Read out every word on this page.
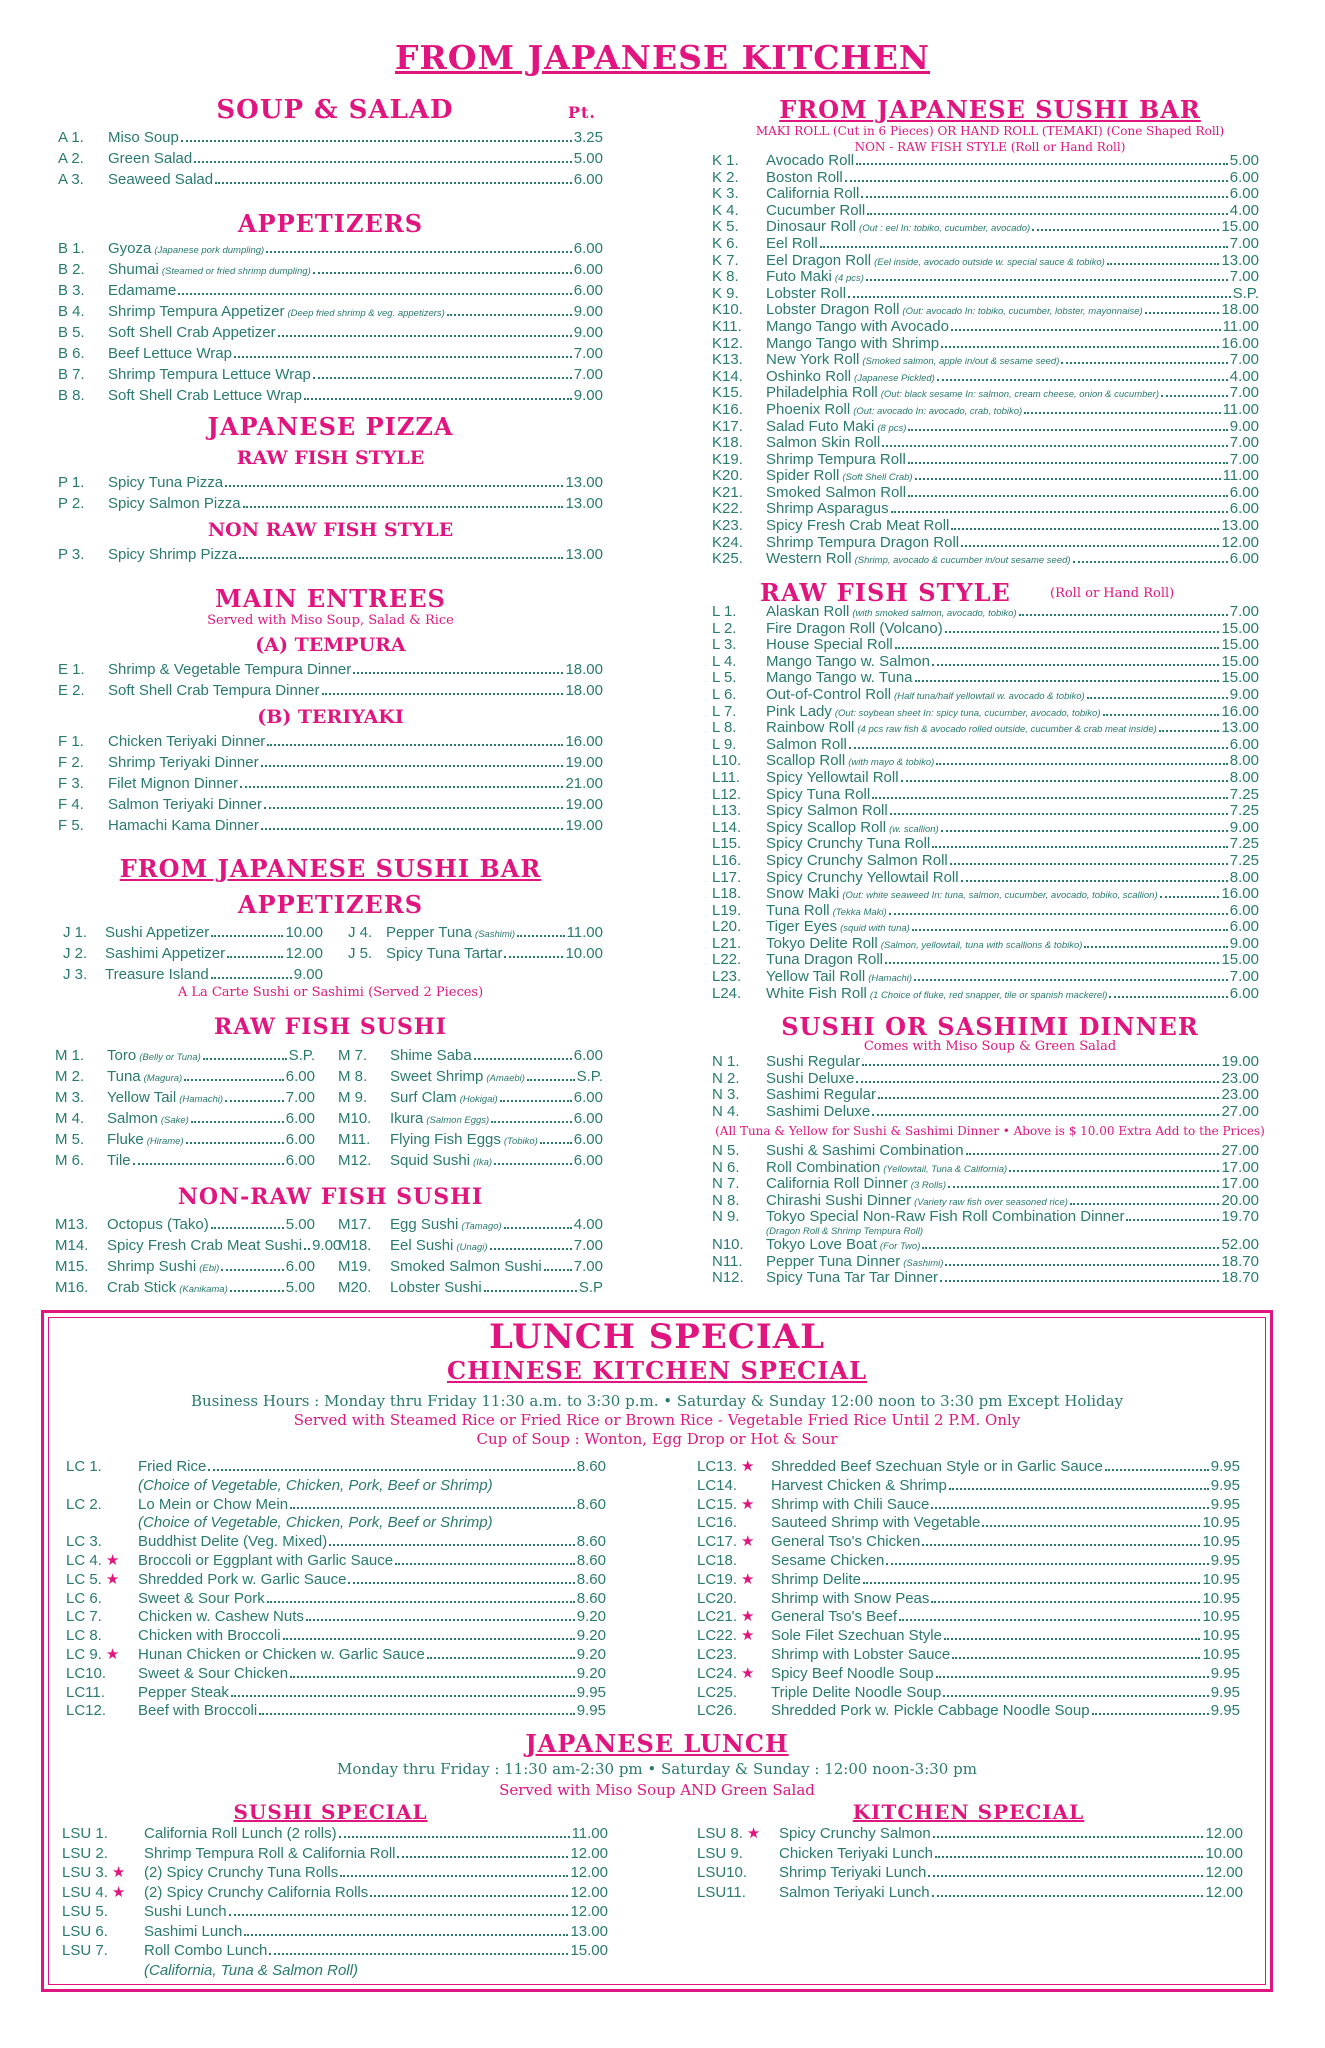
FROM JAPANESE KITCHEN
SOUP & SALAD	Pt.
A 1.	Miso Soup	3.25
A 2.	Green Salad	5.00
A 3.	Seaweed Salad	6.00
APPETIZERS
B 1.	Gyoza (Japanese pork dumpling)	6.00
B 2.	Shumai (Steamed or fried shrimp dumpling)	6.00
B 3.	Edamame	6.00
B 4.	Shrimp Tempura Appetizer (Deep fried shrimp & veg. appetizers)	9.00
B 5.	Soft Shell Crab Appetizer	9.00
B 6.	Beef Lettuce Wrap	7.00
B 7.	Shrimp Tempura Lettuce Wrap	7.00
B 8.	Soft Shell Crab Lettuce Wrap	9.00
JAPANESE PIZZA
RAW FISH STYLE
P 1.	Spicy Tuna Pizza	13.00
P 2.	Spicy Salmon Pizza	13.00
NON RAW FISH STYLE
P 3.	Spicy Shrimp Pizza	13.00
MAIN ENTREES
Served with Miso Soup, Salad & Rice
(A) TEMPURA
E 1.	Shrimp & Vegetable Tempura Dinner	18.00
E 2.	Soft Shell Crab Tempura Dinner	18.00
(B) TERIYAKI
F 1.	Chicken Teriyaki Dinner	16.00
F 2.	Shrimp Teriyaki Dinner	19.00
F 3.	Filet Mignon Dinner	21.00
F 4.	Salmon Teriyaki Dinner	19.00
F 5.	Hamachi Kama Dinner	19.00
FROM JAPANESE SUSHI BAR
APPETIZERS
J 1.	Sushi Appetizer	10.00
J 2.	Sashimi Appetizer	12.00
J 3.	Treasure Island	9.00
J 4. Pepper Tuna (Sashimi)	11.00
J 5. Spicy Tuna Tartar	10.00
A La Carte Sushi or Sashimi (Served 2 Pieces)
RAW FISH SUSHI
M 1.	Toro (Belly or Tuna)	S.P.
M 2.	Tuna (Magura)	6.00
M 3.	Yellow Tail (Hamachi)	7.00
M 4.	Salmon (Sake)	6.00
M 5.	Fluke (Hirame)	6.00
M 6.	Tile	6.00
M 7.	Shime Saba	6.00
M 8.	Sweet Shrimp (Amaebi)	S.P.
M 9.	Surf Clam (Hokigai)	6.00
M10.	Ikura (Salmon Eggs)	6.00
M11.	Flying Fish Eggs (Tobiko) 6.00
M12.	Squid Sushi (Ika)	6.00
NON-RAW FISH SUSHI
M13.	Octopus (Tako)	5.00
M14.	Spicy Fresh Crab Meat Sushi 9.00
M15.	Shrimp Sushi (Ebi)	6.00
M16.	Crab Stick (Kanikama)	5.00
M17.	Egg Sushi (Tamago)	4.00
M18.	Eel Sushi (Unagi)	7.00
M19.	Smoked Salmon Sushi 7.00
M20.	Lobster Sushi	S.P
FROM JAPANESE SUSHI BAR
MAKI ROLL (Cut in 6 Pieces) OR HAND ROLL (TEMAKI) (Cone Shaped Roll)
NON - RAW FISH STYLE (Roll or Hand Roll)
K 1.	Avocado Roll	5.00
K 2.	Boston Roll	6.00
K 3.	California Roll	6.00
K 4.	Cucumber Roll	4.00
K 5.	Dinosaur Roll (Out : eel In: tobiko, cucumber, avocado)	15.00
K 6.	Eel Roll	7.00
K 7.	Eel Dragon Roll (Eel inside, avocado outside w. special sauce & tobiko)	13.00
K 8.	Futo Maki (4 pcs)	7.00
K 9.	Lobster Roll	S.P.
K10.	Lobster Dragon Roll (Out: avocado In: tobiko, cucumber, lobster, mayonnaise)	18.00
K11.	Mango Tango with Avocado	11.00
K12.	Mango Tango with Shrimp	16.00
K13.	New York Roll (Smoked salmon, apple in/out & sesame seed)	7.00
K14.	Oshinko Roll (Japanese Pickled)	4.00
K15.	Philadelphia Roll (Out: black sesame In: salmon, cream cheese, onion & cucumber)	7.00
K16.	Phoenix Roll (Out: avocado In: avocado, crab, tobiko)	11.00
K17.	Salad Futo Maki (8 pcs)	9.00
K18.	Salmon Skin Roll	7.00
K19.	Shrimp Tempura Roll	7.00
K20.	Spider Roll (Soft Shell Crab)	11.00
K21.	Smoked Salmon Roll	6.00
K22.	Shrimp Asparagus	6.00
K23.	Spicy Fresh Crab Meat Roll	13.00
K24.	Shrimp Tempura Dragon Roll	12.00
K25.	Western Roll (Shrimp, avocado & cucumber in/out sesame seed)	6.00
RAW FISH STYLE	(Roll or Hand Roll)
L 1.	Alaskan Roll (with smoked salmon, avocado, tobiko)	7.00
L 2.	Fire Dragon Roll (Volcano)	15.00
L 3.	House Special Roll	15.00
L 4.	Mango Tango w. Salmon	15.00
L 5.	Mango Tango w. Tuna	15.00
L 6.	Out-of-Control Roll (Half tuna/half yellowtail w. avocado & tobiko)	9.00
L 7.	Pink Lady (Out: soybean sheet In: spicy tuna, cucumber, avocado, tobiko)	16.00
L 8.	Rainbow Roll (4 pcs raw fish & avocado rolled outside, cucumber & crab meat inside)	13.00
L 9.	Salmon Roll	6.00
L10.	Scallop Roll (with mayo & tobiko)	8.00
L11.	Spicy Yellowtail Roll	8.00
L12.	Spicy Tuna Roll	7.25
L13.	Spicy Salmon Roll	7.25
L14.	Spicy Scallop Roll (w. scallion)	9.00
L15.	Spicy Crunchy Tuna Roll	7.25
L16.	Spicy Crunchy Salmon Roll	7.25
L17.	Spicy Crunchy Yellowtail Roll	8.00
L18.	Snow Maki (Out: white seaweed In: tuna, salmon, cucumber, avocado, tobiko, scallion)	16.00
L19.	Tuna Roll (Tekka Maki)	6.00
L20.	Tiger Eyes (squid with tuna)	6.00
L21.	Tokyo Delite Roll (Salmon, yellowtail, tuna with scallions & tobiko)	9.00
L22.	Tuna Dragon Roll	15.00
L23.	Yellow Tail Roll (Hamachi)	7.00
L24.	White Fish Roll (1 Choice of fluke, red snapper, tile or spanish mackerel)	6.00
SUSHI OR SASHIMI DINNER
Comes with Miso Soup & Green Salad
N 1.	Sushi Regular	19.00
N 2.	Sushi Deluxe	23.00
N 3.	Sashimi Regular	23.00
N 4.	Sashimi Deluxe	27.00
(All Tuna & Yellow for Sushi & Sashimi Dinner • Above is $ 10.00 Extra Add to the Prices)
N 5.	Sushi & Sashimi Combination	27.00
N 6.	Roll Combination (Yellowtail, Tuna & California)	17.00
N 7.	California Roll Dinner (3 Rolls)	17.00
N 8.	Chirashi Sushi Dinner (Variety raw fish over seasoned rice)	20.00
N 9.	Tokyo Special Non-Raw Fish Roll Combination Dinner	19.70
(Dragon Roll & Shrimp Tempura Roll)
N10.	Tokyo Love Boat (For Two)	52.00
N11.	Pepper Tuna Dinner (Sashimi)	18.70
N12.	Spicy Tuna Tar Tar Dinner	18.70
LUNCH SPECIAL
CHINESE KITCHEN SPECIAL
Business Hours : Monday thru Friday 11:30 a.m. to 3:30 p.m. • Saturday & Sunday 12:00 noon to 3:30 pm Except Holiday
Served with Steamed Rice or Fried Rice or Brown Rice - Vegetable Fried Rice Until 2 P.M. Only
Cup of Soup : Wonton, Egg Drop or Hot & Sour
LC 1.	Fried Rice	8.60
(Choice of Vegetable, Chicken, Pork, Beef or Shrimp)
LC 2.	Lo Mein or Chow Mein	8.60
(Choice of Vegetable, Chicken, Pork, Beef or Shrimp)
LC 3.	Buddhist Delite (Veg. Mixed)	8.60
LC 4. ★	Broccoli or Eggplant with Garlic Sauce	8.60
LC 5. ★	Shredded Pork w. Garlic Sauce	8.60
LC 6.	Sweet & Sour Pork	8.60
LC 7.	Chicken w. Cashew Nuts	9.20
LC 8.	Chicken with Broccoli	9.20
LC 9. ★	Hunan Chicken or Chicken w. Garlic Sauce	9.20
LC10.	Sweet & Sour Chicken	9.20
LC11.	Pepper Steak	9.95
LC12.	Beef with Broccoli	9.95
LC13. ★	Shredded Beef Szechuan Style or in Garlic Sauce	9.95
LC14.	Harvest Chicken & Shrimp	9.95
LC15. ★	Shrimp with Chili Sauce	9.95
LC16.	Sauteed Shrimp with Vegetable	10.95
LC17. ★	General Tso's Chicken	10.95
LC18.	Sesame Chicken	9.95
LC19. ★	Shrimp Delite	10.95
LC20.	Shrimp with Snow Peas	10.95
LC21. ★	General Tso's Beef	10.95
LC22. ★	Sole Filet Szechuan Style	10.95
LC23.	Shrimp with Lobster Sauce	10.95
LC24. ★	Spicy Beef Noodle Soup	9.95
LC25.	Triple Delite Noodle Soup	9.95
LC26.	Shredded Pork w. Pickle Cabbage Noodle Soup	9.95
JAPANESE LUNCH
Monday thru Friday : 11:30 am-2:30 pm • Saturday & Sunday : 12:00 noon-3:30 pm
Served with Miso Soup AND Green Salad
SUSHI SPECIAL
LSU 1.	California Roll Lunch (2 rolls)	11.00
LSU 2.	Shrimp Tempura Roll & California Roll	12.00
LSU 3. ★	(2) Spicy Crunchy Tuna Rolls	12.00
LSU 4. ★	(2) Spicy Crunchy California Rolls	12.00
LSU 5.	Sushi Lunch	12.00
LSU 6.	Sashimi Lunch	13.00
LSU 7.	Roll Combo Lunch	15.00
(California, Tuna & Salmon Roll)
KITCHEN SPECIAL
LSU 8. ★	Spicy Crunchy Salmon	12.00
LSU 9.	Chicken Teriyaki Lunch	10.00
LSU10.	Shrimp Teriyaki Lunch	12.00
LSU11.	Salmon Teriyaki Lunch	12.00
